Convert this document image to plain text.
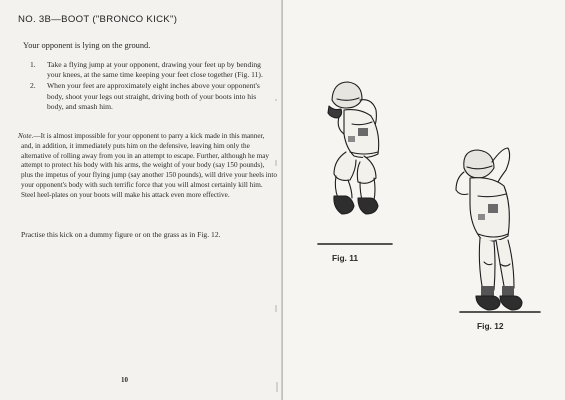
NO. 3B—BOOT ("BRONCO KICK")
Your opponent is lying on the ground.
1. Take a flying jump at your opponent, drawing your feet up by bending your knees, at the same time keeping your feet close together (Fig. 11).
2. When your feet are approximately eight inches above your opponent's body, shoot your legs out straight, driving both of your boots into his body, and smash him.

Note.—It is almost impossible for your opponent to parry a kick made in this manner, and, in addition, it immediately puts him on the defensive, leaving him only the alternative of rolling away from you in an attempt to escape. Further, although he may attempt to protect his body with his arms, the weight of your body (say 150 pounds), plus the impetus of your flying jump (say another 150 pounds), will drive your heels into your opponent's body with such terrific force that you will almost certainly kill him. Steel heel-plates on your boots will make his attack even more effective.

Practise this kick on a dummy figure or on the grass as in Fig. 12.

10
Fig. 11
Fig. 12
